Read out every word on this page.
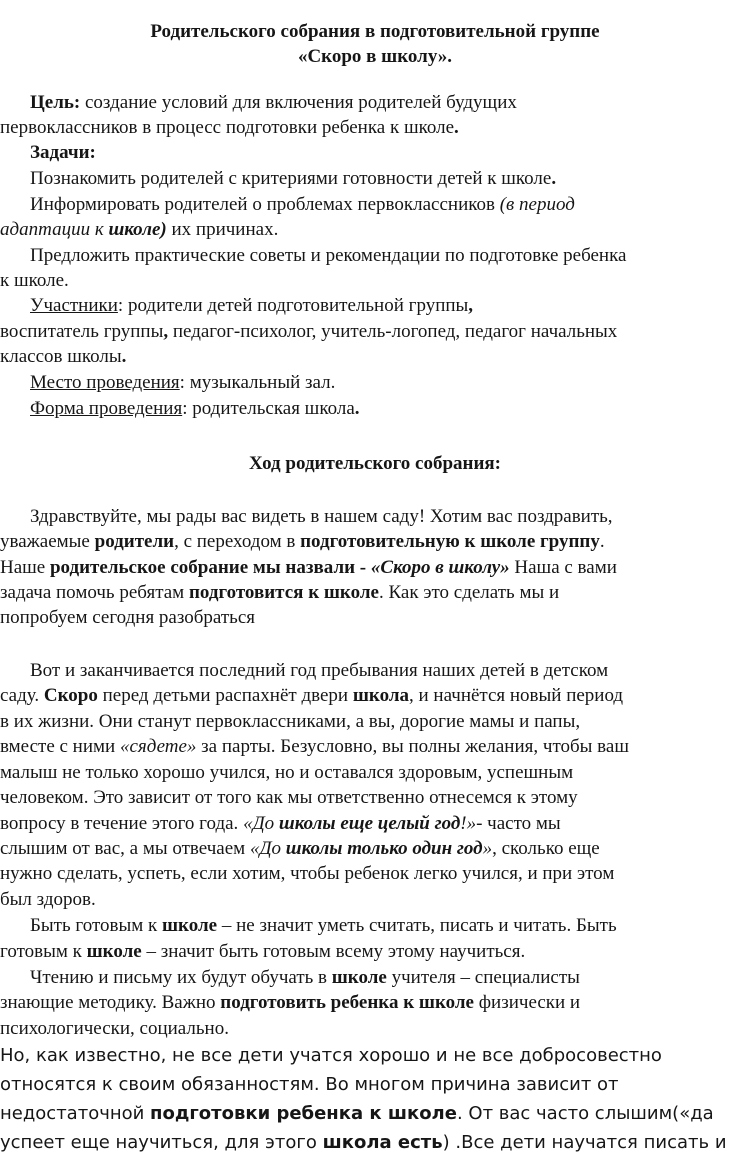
Родительского собрания в подготовительной группе
«Скоро в школу».
Цель: создание условий для включения родителей будущих
первоклассников в процесс подготовки ребенка к школе.
Задачи:
Познакомить родителей с критериями готовности детей к школе.
Информировать родителей о проблемах первоклассников (в период
адаптации к школе) их причинах.
Предложить практические советы и рекомендации по подготовке ребенка
к школе.
Участники: родители детей подготовительной группы,
воспитатель группы, педагог-психолог, учитель-логопед, педагог начальных
классов школы.
Место проведения: музыкальный зал.
Форма проведения: родительская школа.
Ход родительского собрания:
Здравствуйте, мы рады вас видеть в нашем саду! Хотим вас поздравить,
уважаемые родители, с переходом в подготовительную к школе группу.
Наше родительское собрание мы назвали - «Скоро в школу» Наша с вами
задача помочь ребятам подготовится к школе. Как это сделать мы и
попробуем сегодня разобраться
Вот и заканчивается последний год пребывания наших детей в детском
саду. Скоро перед детьми распахнёт двери школа, и начнётся новый период
в их жизни. Они станут первоклассниками, а вы, дорогие мамы и папы,
вместе с ними «сядете» за парты. Безусловно, вы полны желания, чтобы ваш
малыш не только хорошо учился, но и оставался здоровым, успешным
человеком. Это зависит от того как мы ответственно отнесемся к этому
вопросу в течение этого года. «До школы еще целый год!»- часто мы
слышим от вас, а мы отвечаем «До школы только один год», сколько еще
нужно сделать, успеть, если хотим, чтобы ребенок легко учился, и при этом
был здоров.
Быть готовым к школе – не значит уметь считать, писать и читать. Быть
готовым к школе – значит быть готовым всему этому научиться.
Чтению и письму их будут обучать в школе учителя – специалисты
знающие методику. Важно подготовить ребенка к школе физически и
психологически, социально.
Но, как известно, не все дети учатся хорошо и не все добросовестно
относятся к своим обязанностям. Во многом причина зависит от
недостаточной подготовки ребенка к школе. От вас часто слышим(«да
успеет еще научиться, для этого школа есть) .Все дети научатся писать и
